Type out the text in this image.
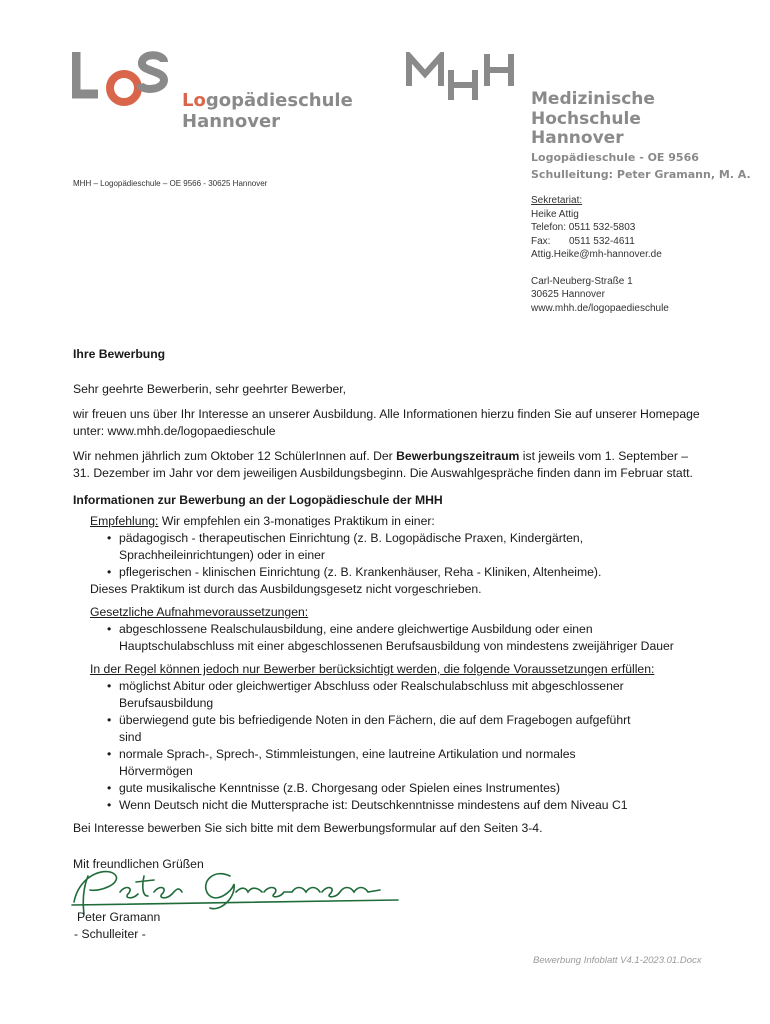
Logopädieschule
Hannover
Medizinische Hochschule
Hannover
MHH – Logopädieschule – OE 9566 - 30625 Hannover
Logopädieschule - OE 9566
Schulleitung: Peter Gramann, M. A.
Sekretariat:
Heike Attig
Telefon: 0511 532-5803
Fax: 0511 532-4611
Attig.Heike@mh-hannover.de
Carl-Neuberg-Straße 1
30625 Hannover
www.mhh.de/logopaedieschule
Ihre Bewerbung
Sehr geehrte Bewerberin, sehr geehrter Bewerber,
wir freuen uns über Ihr Interesse an unserer Ausbildung. Alle Informationen hierzu finden Sie auf unserer Homepage unter: www.mhh.de/logopaedieschule
Wir nehmen jährlich zum Oktober 12 SchülerInnen auf. Der Bewerbungszeitraum ist jeweils vom 1. September – 31. Dezember im Jahr vor dem jeweiligen Ausbildungsbeginn. Die Auswahlgespräche finden dann im Februar statt.
Informationen zur Bewerbung an der Logopädieschule der MHH
Empfehlung: Wir empfehlen ein 3-monatiges Praktikum in einer:
• pädagogisch - therapeutischen Einrichtung (z. B. Logopädische Praxen, Kindergärten, Sprachheileinrichtungen) oder in einer
• pflegerischen - klinischen Einrichtung (z. B. Krankenhäuser, Reha - Kliniken, Altenheime).
Dieses Praktikum ist durch das Ausbildungsgesetz nicht vorgeschrieben.
Gesetzliche Aufnahmevoraussetzungen:
• abgeschlossene Realschulausbildung, eine andere gleichwertige Ausbildung oder einen Hauptschulabschluss mit einer abgeschlossenen Berufsausbildung von mindestens zweijähriger Dauer
In der Regel können jedoch nur Bewerber berücksichtigt werden, die folgende Voraussetzungen erfüllen:
• möglichst Abitur oder gleichwertiger Abschluss oder Realschulabschluss mit abgeschlossener Berufsausbildung
• überwiegend gute bis befriedigende Noten in den Fächern, die auf dem Fragebogen aufgeführt sind
• normale Sprach-, Sprech-, Stimmleistungen, eine lautreine Artikulation und normales Hörvermögen
• gute musikalische Kenntnisse (z.B. Chorgesang oder Spielen eines Instrumentes)
• Wenn Deutsch nicht die Muttersprache ist: Deutschkenntnisse mindestens auf dem Niveau C1
Bei Interesse bewerben Sie sich bitte mit dem Bewerbungsformular auf den Seiten 3-4.
Mit freundlichen Grüßen
Peter Gramann
- Schulleiter -
Bewerbung Infoblatt V4.1-2023.01.Docx
